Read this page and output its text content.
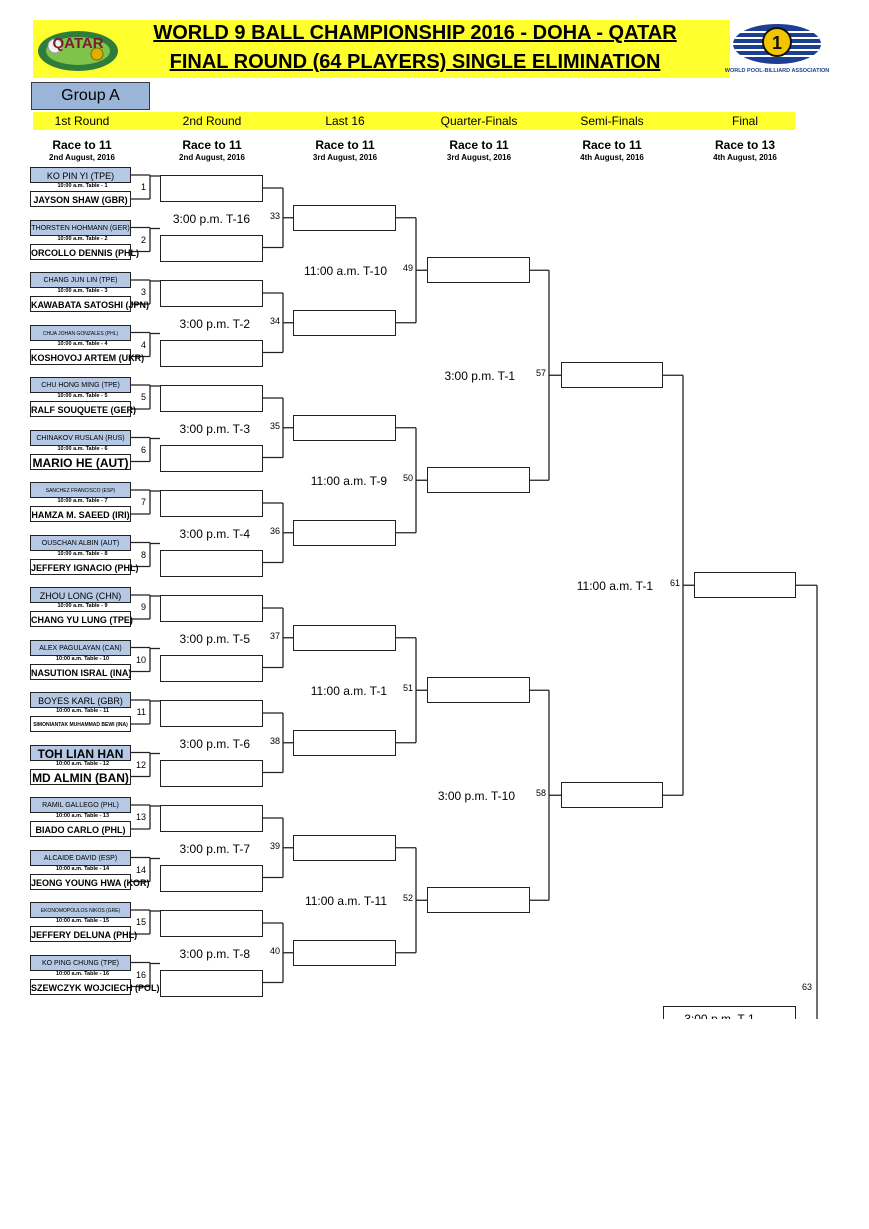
QATAR	WORLD 9 BALL CHAMPIONSHIP 2016 - DOHA - QATAR
FINAL ROUND (64 PLAYERS) SINGLE ELIMINATION
1
WORLD POOL-BILLIARD ASSOCIATION
Group A
1st Round
Race to 11
2nd August, 2016
2nd Round
Race to 11
2nd August, 2016
Last 16
Race to 11
3rd August, 2016
Quarter-Finals
Race to 11
3rd August, 2016
Semi-Finals
Race to 11
4th August, 2016
Final
Race to 13
4th August, 2016
KO PIN YI (TPE)
10:00 a.m. Table - 1
JAYSON SHAW (GBR)
1
THORSTEN HOHMANN (GER)
10:00 a.m. Table - 2
ORCOLLO DENNIS (PHL)
2
CHANG JUN LIN (TPE)
10:00 a.m. Table - 3
KAWABATA SATOSHI (JPN)
3
CHUA JOHAN GONZALES (PHL)
10:00 a.m. Table - 4
KOSHOVOJ ARTEM (UKR)
4
CHU HONG MING (TPE)
10:00 a.m. Table - 5
RALF SOUQUETE (GER)
5
CHINAKOV RUSLAN (RUS)
10:00 a.m. Table - 6
MARIO HE (AUT)
6
SANCHEZ FRANCISCO (ESP)
10:00 a.m. Table - 7
HAMZA M. SAEED (IRI)
7
OUSCHAN ALBIN (AUT)
10:00 a.m. Table - 8
JEFFERY IGNACIO (PHL)
8
ZHOU LONG (CHN)
10:00 a.m. Table - 9
CHANG YU LUNG (TPE)
9
ALEX PAGULAYAN (CAN)
10:00 a.m. Table - 10
NASUTION ISRAL (INA)
10
BOYES KARL (GBR)
10:00 a.m. Table - 11
SIMONIANTAK MUHAMMAD BEWI (INA)
11
TOH LIAN HAN
10:00 a.m. Table - 12
MD ALMIN (BAN)
12
RAMIL GALLEGO (PHL)
10:00 a.m. Table - 13
BIADO CARLO (PHL)
13
ALCAIDE DAVID (ESP)
10:00 a.m. Table - 14
JEONG YOUNG HWA (KOR)
14
EKONOMOPOULOS NIKOS (GRE)
10:00 a.m. Table - 15
JEFFERY DELUNA (PHL)
15
KO PING CHUNG (TPE)
10:00 a.m. Table - 16
SZEWCZYK WOJCIECH (POL)
16
33
3:00 p.m. T-16
34
3:00 p.m. T-2
35
3:00 p.m. T-3
36
3:00 p.m. T-4
37
3:00 p.m. T-5
38
3:00 p.m. T-6
39
3:00 p.m. T-7
40
3:00 p.m. T-8
49
11:00 a.m. T-10
50
11:00 a.m. T-9
51
11:00 a.m. T-1
52
11:00 a.m. T-11
57
3:00 p.m. T-1
58
3:00 p.m. T-10
61
11:00 a.m. T-1
63
